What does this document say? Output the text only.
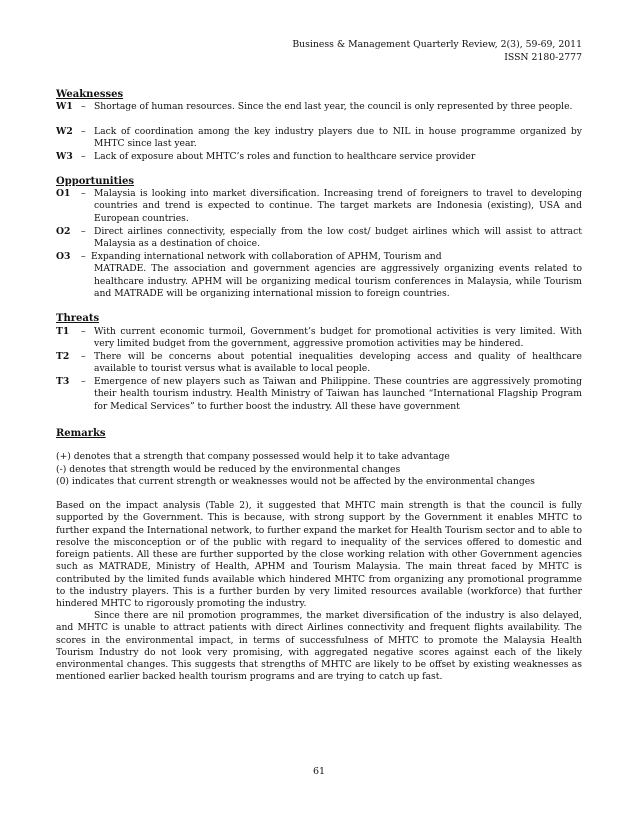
Business & Management Quarterly Review, 2(3), 59-69, 2011
ISSN 2180-2777
Weaknesses
W1 – Shortage of human resources. Since the end last year, the council is only represented by three people.
W2 – Lack of coordination among the key industry players due to NIL in house programme organized by MHTC since last year.
W3 – Lack of exposure about MHTC’s roles and function to healthcare service provider
Opportunities
O1	– Malaysia is looking into market diversification. Increasing trend of foreigners to travel to developing countries and trend is expected to continue. The target markets are Indonesia (existing), USA and European countries.
O2	– Direct airlines connectivity, especially from the low cost/ budget airlines which will assist to attract Malaysia as a destination of choice.
O3	– Expanding international network with collaboration of APHM, Tourism and
MATRADE. The association and government agencies are aggressively organizing events related to healthcare industry. APHM will be organizing medical tourism conferences in Malaysia, while Tourism and MATRADE will be organizing international mission to foreign countries.
Threats
T1	– With current economic turmoil, Government’s budget for promotional activities is very limited. With very limited budget from the government, aggressive promotion activities may be hindered.
T2	– There will be concerns about potential inequalities developing access and quality of healthcare available to tourist versus what is available to local people.
T3	– Emergence of new players such as Taiwan and Philippine. These countries are aggressively promoting their health tourism industry. Health Ministry of Taiwan has launched “International Flagship Program for Medical Services” to further boost the industry. All these have government
Remarks
(+) denotes that a strength that company possessed would help it to take advantage
(-) denotes that strength would be reduced by the environmental changes
(0) indicates that current strength or weaknesses would not be affected by the environmental changes
Based on the impact analysis (Table 2), it suggested that MHTC main strength is that the council is fully supported by the Government. This is because, with strong support by the Government it enables MHTC to further expand the International network, to further expand the market for Health Tourism sector and to able to resolve the misconception or of the public with regard to inequality of the services offered to domestic and foreign patients. All these are further supported by the close working relation with other Government agencies such as MATRADE, Ministry of Health, APHM and Tourism Malaysia. The main threat faced by MHTC is contributed by the limited funds available which hindered MHTC from organizing any promotional programme to the industry players. This is a further burden by very limited resources available (workforce) that further hindered MHTC to rigorously promoting the industry.
Since there are nil promotion programmes, the market diversification of the industry is also delayed, and MHTC is unable to attract patients with direct Airlines connectivity and frequent flights availability. The scores in the environmental impact, in terms of successfulness of MHTC to promote the Malaysia Health Tourism Industry do not look very promising, with aggregated negative scores against each of the likely environmental changes. This suggests that strengths of MHTC are likely to be offset by existing weaknesses as mentioned earlier backed health tourism programs and are trying to catch up fast.
61
